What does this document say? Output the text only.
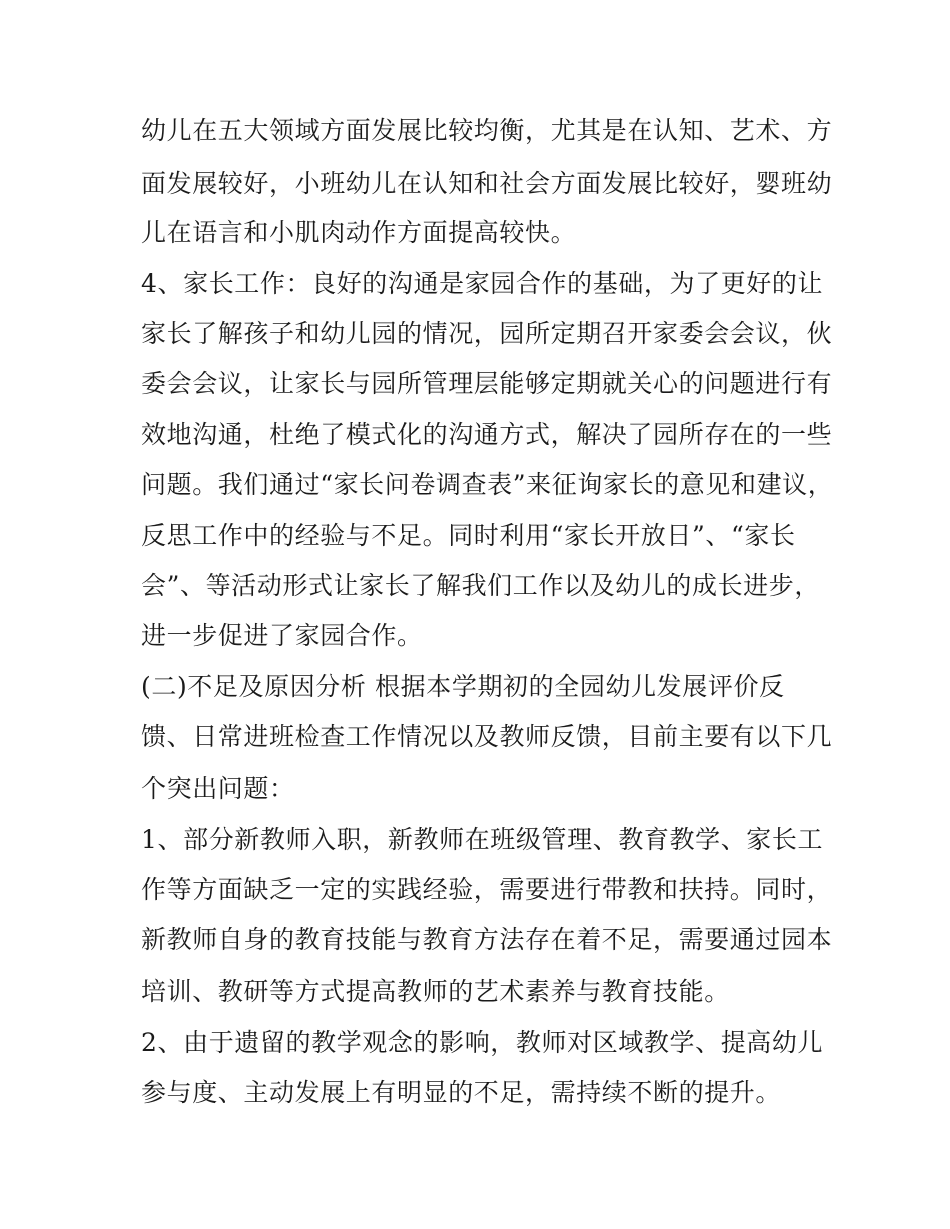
幼儿在五大领域方面发展比较均衡，尤其是在认知、艺术、方
面发展较好，小班幼儿在认知和社会方面发展比较好，婴班幼
儿在语言和小肌肉动作方面提高较快。
4、家长工作：良好的沟通是家园合作的基础，为了更好的让
家长了解孩子和幼儿园的情况，园所定期召开家委会会议，伙
委会会议，让家长与园所管理层能够定期就关心的问题进行有
效地沟通，杜绝了模式化的沟通方式，解决了园所存在的一些
问题。我们通过“家长问卷调查表”来征询家长的意见和建议，
反思工作中的经验与不足。同时利用“家长开放日”、“家长
会”、等活动形式让家长了解我们工作以及幼儿的成长进步，
进一步促进了家园合作。
(二)不足及原因分析 根据本学期初的全园幼儿发展评价反
馈、日常进班检查工作情况以及教师反馈，目前主要有以下几
个突出问题：
1、部分新教师入职，新教师在班级管理、教育教学、家长工
作等方面缺乏一定的实践经验，需要进行带教和扶持。同时，
新教师自身的教育技能与教育方法存在着不足，需要通过园本
培训、教研等方式提高教师的艺术素养与教育技能。
2、由于遗留的教学观念的影响，教师对区域教学、提高幼儿
参与度、主动发展上有明显的不足，需持续不断的提升。
